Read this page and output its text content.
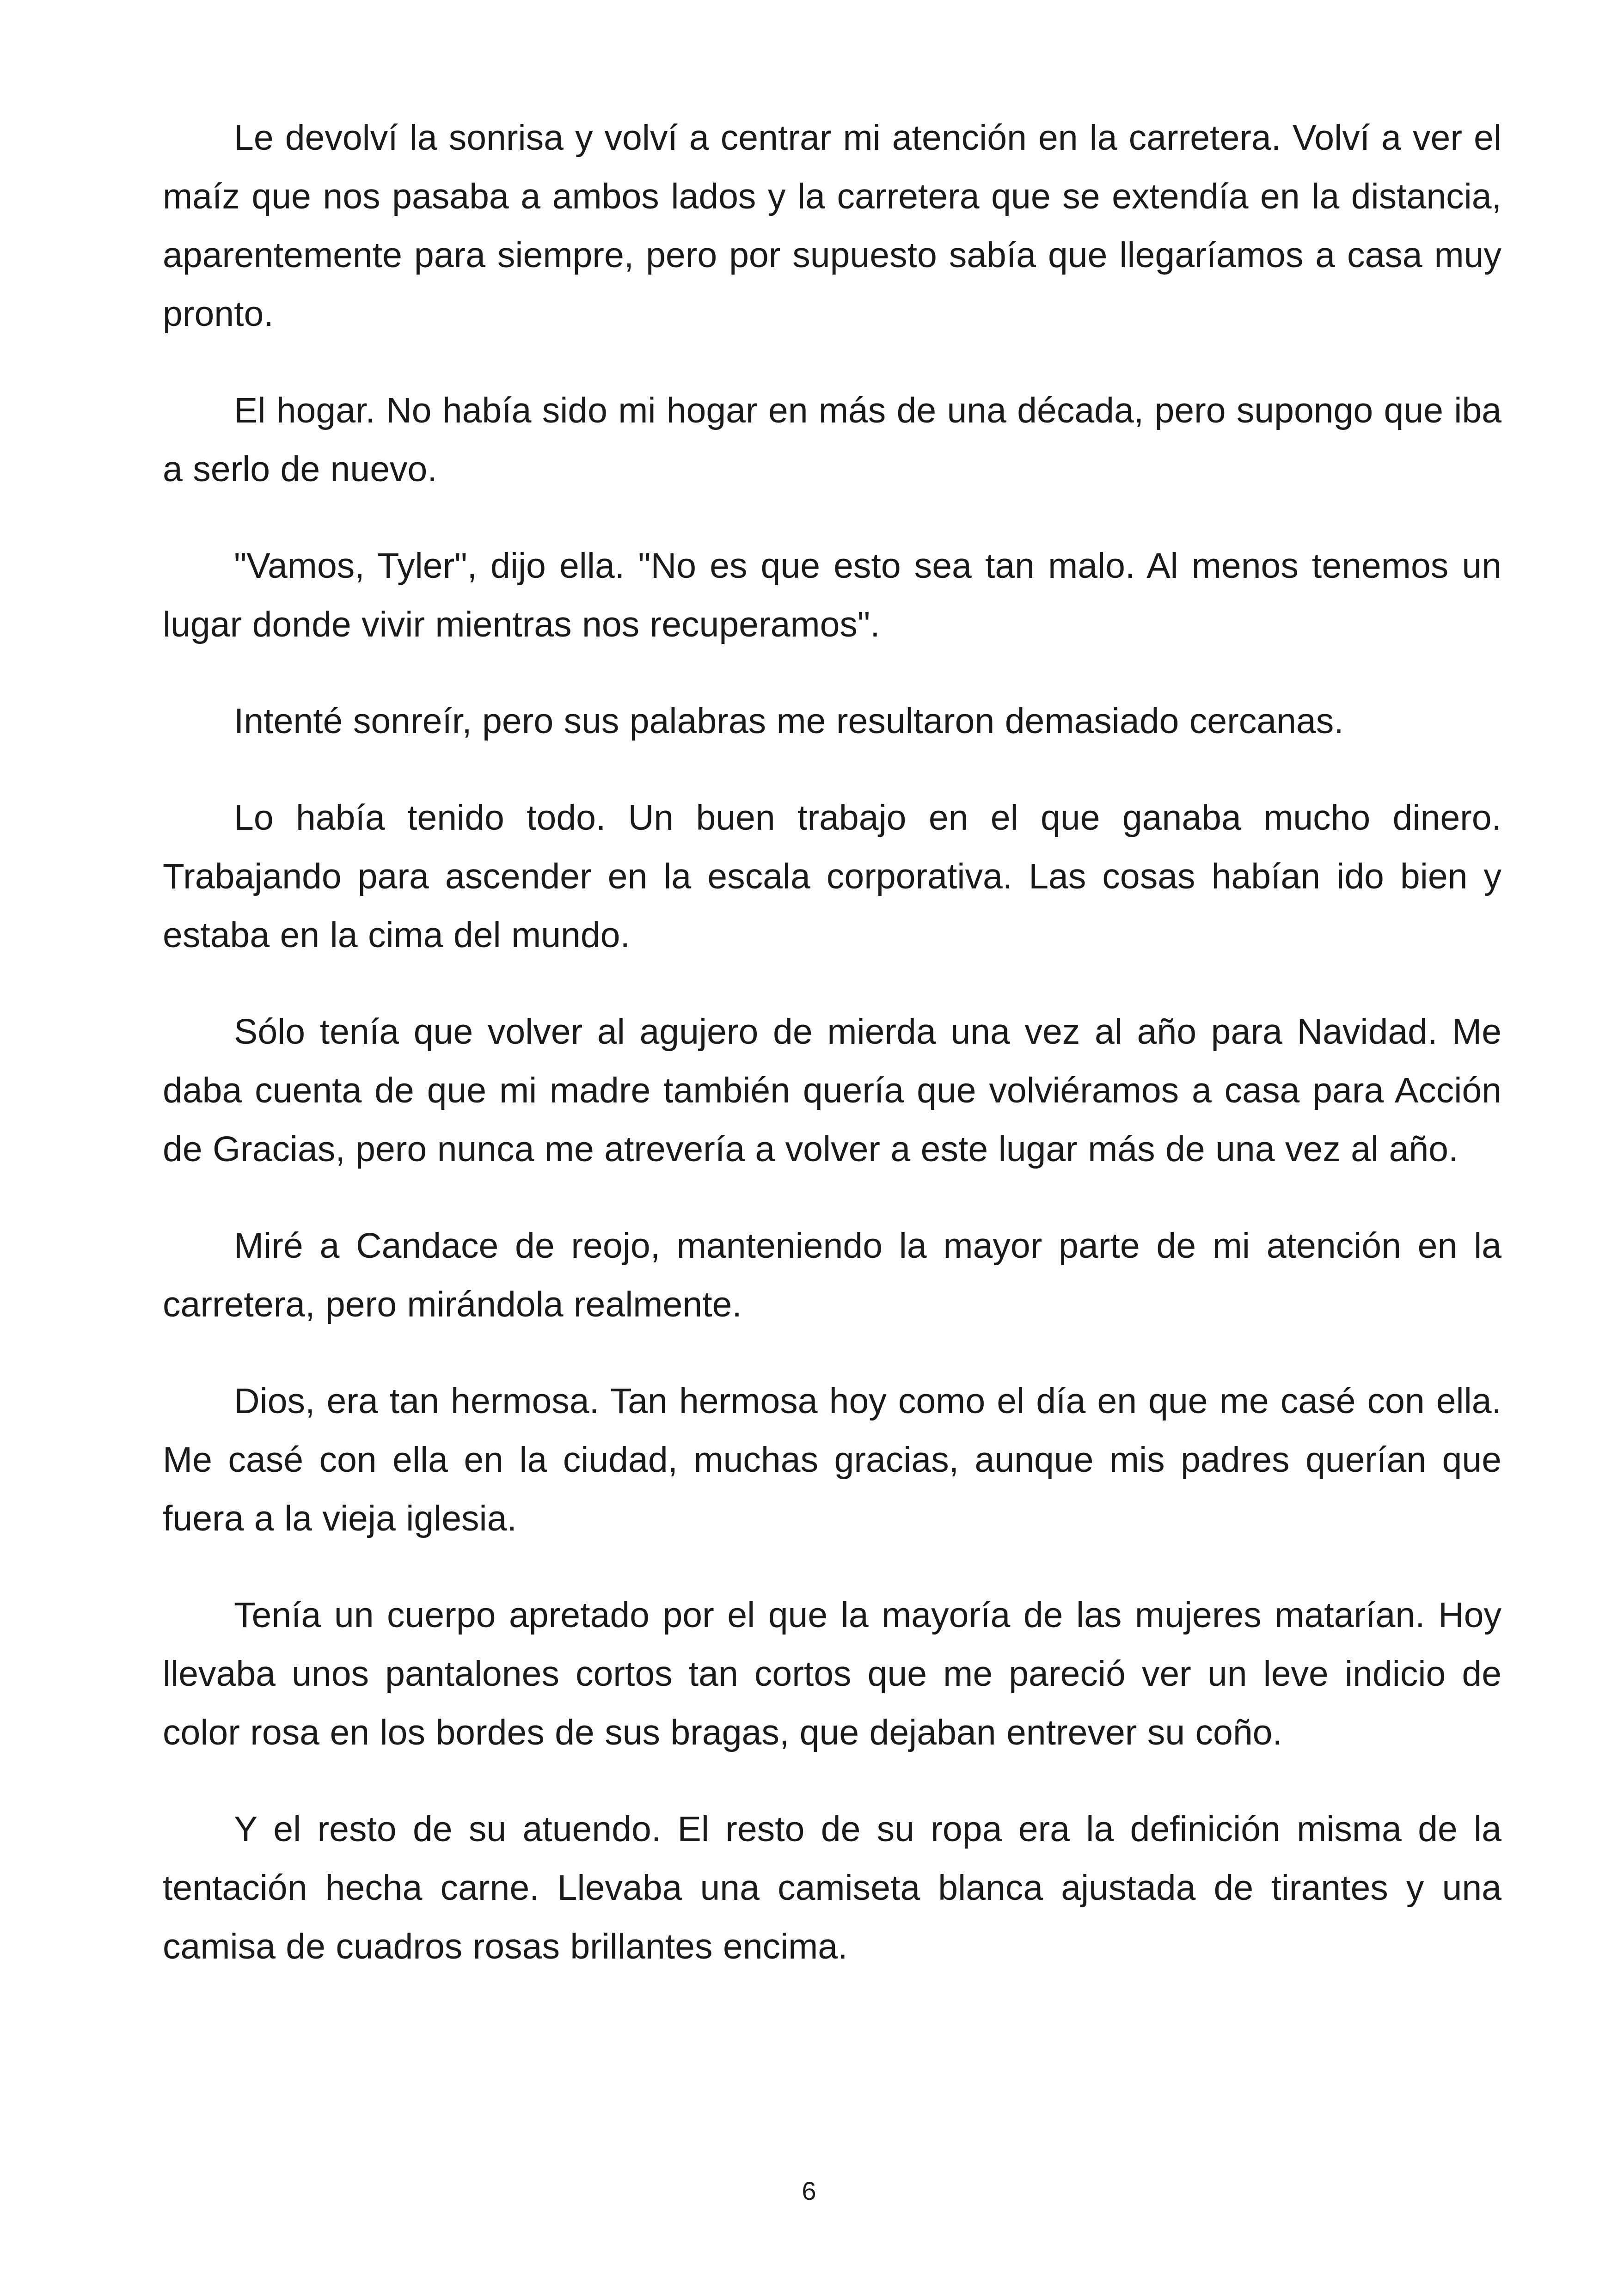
Le devolví la sonrisa y volví a centrar mi atención en la carretera. Volví a ver el maíz que nos pasaba a ambos lados y la carretera que se extendía en la distancia, aparentemente para siempre, pero por supuesto sabía que llegaríamos a casa muy pronto.

El hogar. No había sido mi hogar en más de una década, pero supongo que iba a serlo de nuevo.

"Vamos, Tyler", dijo ella. "No es que esto sea tan malo. Al menos tenemos un lugar donde vivir mientras nos recuperamos".

Intenté sonreír, pero sus palabras me resultaron demasiado cercanas.

Lo había tenido todo. Un buen trabajo en el que ganaba mucho dinero. Trabajando para ascender en la escala corporativa. Las cosas habían ido bien y estaba en la cima del mundo.

Sólo tenía que volver al agujero de mierda una vez al año para Navidad. Me daba cuenta de que mi madre también quería que volviéramos a casa para Acción de Gracias, pero nunca me atrevería a volver a este lugar más de una vez al año.

Miré a Candace de reojo, manteniendo la mayor parte de mi atención en la carretera, pero mirándola realmente.

Dios, era tan hermosa. Tan hermosa hoy como el día en que me casé con ella. Me casé con ella en la ciudad, muchas gracias, aunque mis padres querían que fuera a la vieja iglesia.

Tenía un cuerpo apretado por el que la mayoría de las mujeres matarían. Hoy llevaba unos pantalones cortos tan cortos que me pareció ver un leve indicio de color rosa en los bordes de sus bragas, que dejaban entrever su coño.

Y el resto de su atuendo. El resto de su ropa era la definición misma de la tentación hecha carne. Llevaba una camiseta blanca ajustada de tirantes y una camisa de cuadros rosas brillantes encima.

6
